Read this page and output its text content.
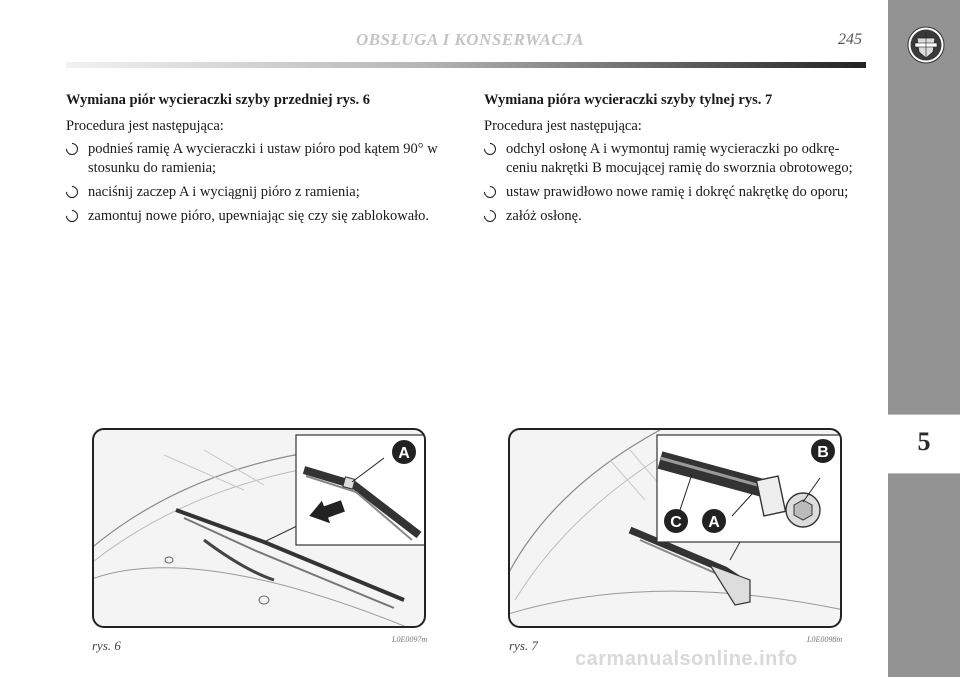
OBSŁUGA I KONSERWACJA	245
5
Wymiana piór wycieraczki szyby przedniej rys. 6

Procedura jest następująca:

podnieś ramię A wycieraczki i ustaw pióro pod kątem 90° w stosunku do ramienia;
naciśnij zaczep A i wyciągnij pióro z ramienia;
zamontuj nowe pióro, upewniając się czy się zablokowało.
Wymiana pióra wycieraczki szyby tylnej rys. 7

Procedura jest następująca:

odchyl osłonę A i wymontuj ramię wycieraczki po odkrę-ceniu nakrętki B mocującej ramię do sworznia obrotowego;
ustaw prawidłowo nowe ramię i dokręć nakrętkę do oporu;
załóż osłonę.
A
rys. 6	L0E0097m
B
C A
rys. 7	L0E0098m
carmanualsonline.info
